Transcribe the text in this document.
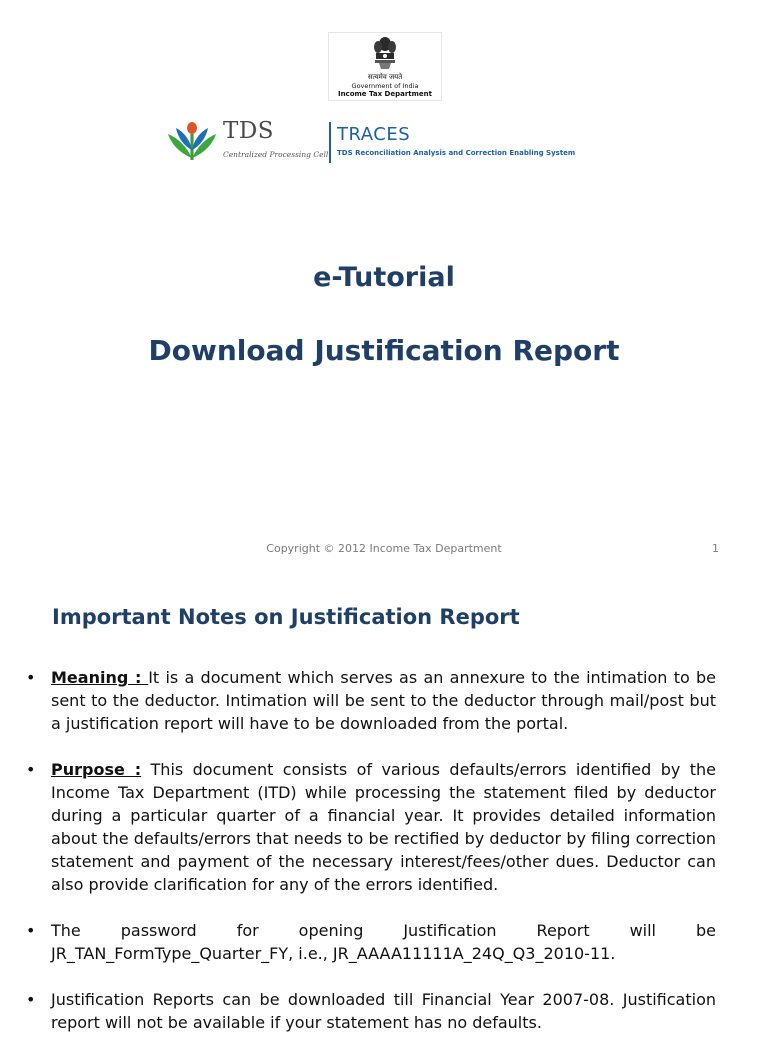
सत्यमेव जयते
Government of India
Income Tax Department
TDS
Centralized Processing Cell
TRACES
TDS Reconciliation Analysis and Correction Enabling System
e-Tutorial
Download Justification Report
Copyright © 2012 Income Tax Department	1
Important Notes on Justification Report
• Meaning : It is a document which serves as an annexure to the intimation to be sent to the deductor. Intimation will be sent to the deductor through mail/post but a justification report will have to be downloaded from the portal.
• Purpose : This document consists of various defaults/errors identified by the Income Tax Department (ITD) while processing the statement filed by deductor during a particular quarter of a financial year. It provides detailed information about the defaults/errors that needs to be rectified by deductor by filing correction statement and payment of the necessary interest/fees/other dues. Deductor can also provide clarification for any of the errors identified.
• The password for opening Justification Report will be JR_TAN_FormType_Quarter_FY, i.e., JR_AAAA11111A_24Q_Q3_2010-11.
• Justification Reports can be downloaded till Financial Year 2007-08. Justification report will not be available if your statement has no defaults.
